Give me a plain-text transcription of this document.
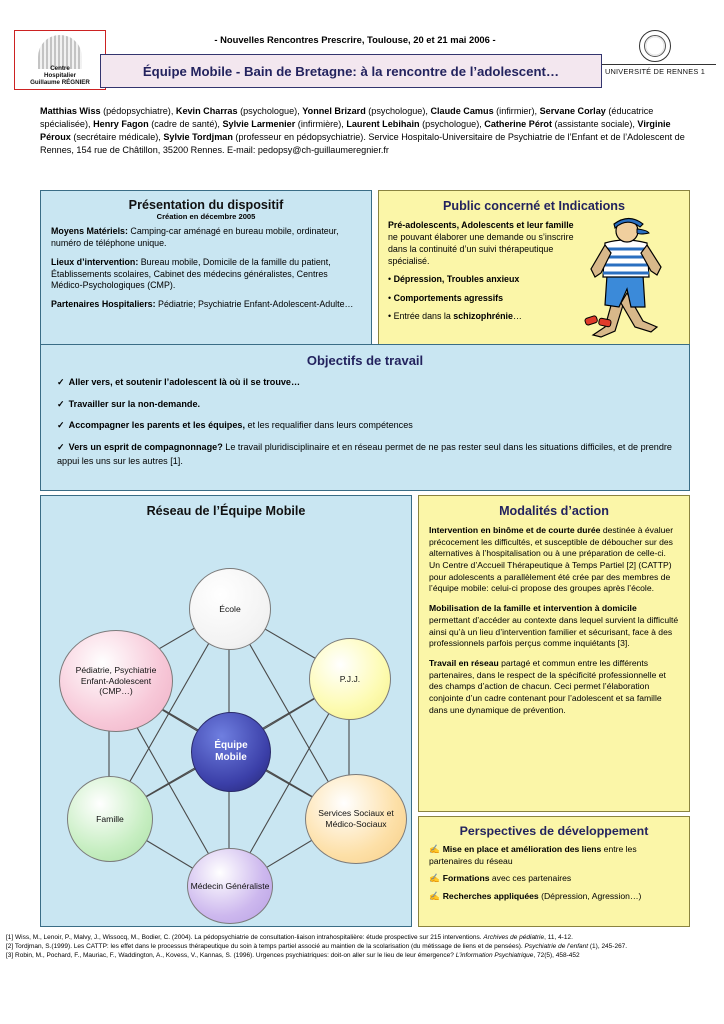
- Nouvelles Rencontres Prescrire, Toulouse, 20 et 21 mai 2006 -
Centre
Hospitalier
Guillaume RÉGNIER
UNIVERSITÉ DE RENNES 1
Équipe Mobile - Bain de Bretagne: à la rencontre de l’adolescent…
Matthias Wiss (pédopsychiatre), Kevin Charras (psychologue), Yonnel Brizard (psychologue), Claude Camus (infirmier), Servane Corlay (éducatrice spécialisée), Henry Fagon (cadre de santé), Sylvie Larmenier (infirmière), Laurent Lebihain (psychologue), Catherine Pérot (assistante sociale), Virginie Péroux (secrétaire médicale), Sylvie Tordjman (professeur en pédopsychiatrie). Service Hospitalo-Universitaire de Psychiatrie de l’Enfant et de l’Adolescent de Rennes, 154 rue de Châtillon, 35200 Rennes. E-mail: pedopsy@ch-guillaumeregnier.fr
Présentation du dispositif
Création en décembre 2005

Moyens Matériels: Camping-car aménagé en bureau mobile, ordinateur, numéro de téléphone unique.

Lieux d’intervention: Bureau mobile, Domicile de la famille du patient, Établissements scolaires, Cabinet des médecins généralistes, Centres Médico-Psychologiques (CMP).

Partenaires Hospitaliers: Pédiatrie; Psychiatrie Enfant-Adolescent-Adulte…

Public concerné et Indications

Pré-adolescents, Adolescents et leur famille ne pouvant élaborer une demande ou s’inscrire dans la continuité d’un suivi thérapeutique spécialisé.

• Dépression, Troubles anxieux

• Comportements agressifs

• Entrée dans la schizophrénie…

Objectifs de travail
✓ Aller vers, et soutenir l’adolescent là où il se trouve…
✓ Travailler sur la non-demande.
✓ Accompagner les parents et les équipes, et les requalifier dans leurs compétences
✓ Vers un esprit de compagnonnage? Le travail pluridisciplinaire et en réseau permet de ne pas rester seul dans les situations difficiles, et de prendre appui les uns sur les autres [1].
Réseau de l’Équipe Mobile
École
P.J.J.
Services Sociaux et Médico-Sociaux
Médecin Généraliste
Famille
Pédiatrie, Psychiatrie Enfant-Adolescent (CMP…)
Équipe
Mobile
Modalités d’action

Intervention en binôme et de courte durée destinée à évaluer précocement les difficultés, et susceptible de déboucher sur des alternatives à l’hospitalisation ou à une préparation de celle-ci. Un Centre d’Accueil Thérapeutique à Temps Partiel [2] (CATTP) pour adolescents a parallèlement été crée par des membres de l’équipe mobile: celui-ci propose des groupes après l’école.

Mobilisation de la famille et intervention à domicile permettant d’accéder au contexte dans lequel survient la difficulté ainsi qu’à un lieu d’intervention familier et sécurisant, face à des professionnels parfois perçus comme inquiétants [3].

Travail en réseau partagé et commun entre les différents partenaires, dans le respect de la spécificité professionnelle et des champs d’action de chacun. Ceci permet l’élaboration conjointe d’un cadre contenant pour l’adolescent et sa famille dans une dynamique de prévention.

Perspectives de développement

✍ Mise en place et amélioration des liens entre les partenaires du réseau

✍ Formations avec ces partenaires

✍ Recherches appliquées (Dépression, Agression…)

[1] Wiss, M., Lenoir, P., Malvy, J., Wissocq, M., Bodier, C. (2004). La pédopsychiatrie de consultation-liaison intrahospitalière: étude prospective sur 215 interventions. Archives de pédiatrie, 11, 4-12.
[2] Tordjman, S.(1999). Les CATTP: les effet dans le processus thérapeutique du soin à temps partiel associé au maintien de la scolarisation (du métissage de liens et de pensées). Psychiatrie de l’enfant (1), 245-267.
[3] Robin, M., Pochard, F., Mauriac, F., Waddington, A., Kovess, V., Kannas, S. (1996). Urgences psychiatriques: doit-on aller sur le lieu de leur émergence? L’information Psychiatrique, 72(5), 458-452
